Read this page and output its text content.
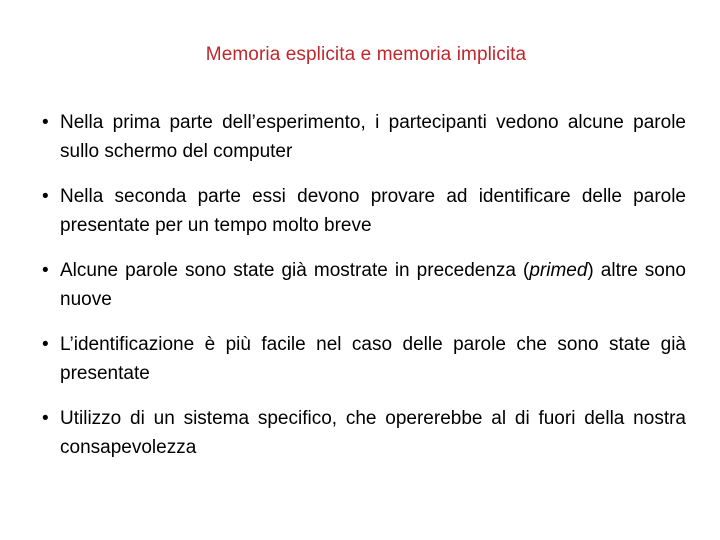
Memoria esplicita e memoria implicita
• Nella prima parte dell’esperimento, i partecipanti vedono alcune parole sullo schermo del computer
• Nella seconda parte essi devono provare ad identificare delle parole presentate per un tempo molto breve
• Alcune parole sono state già mostrate in precedenza (primed) altre sono nuove
• L’identificazione è più facile nel caso delle parole che sono state già presentate
• Utilizzo di un sistema specifico, che opererebbe al di fuori della nostra consapevolezza
